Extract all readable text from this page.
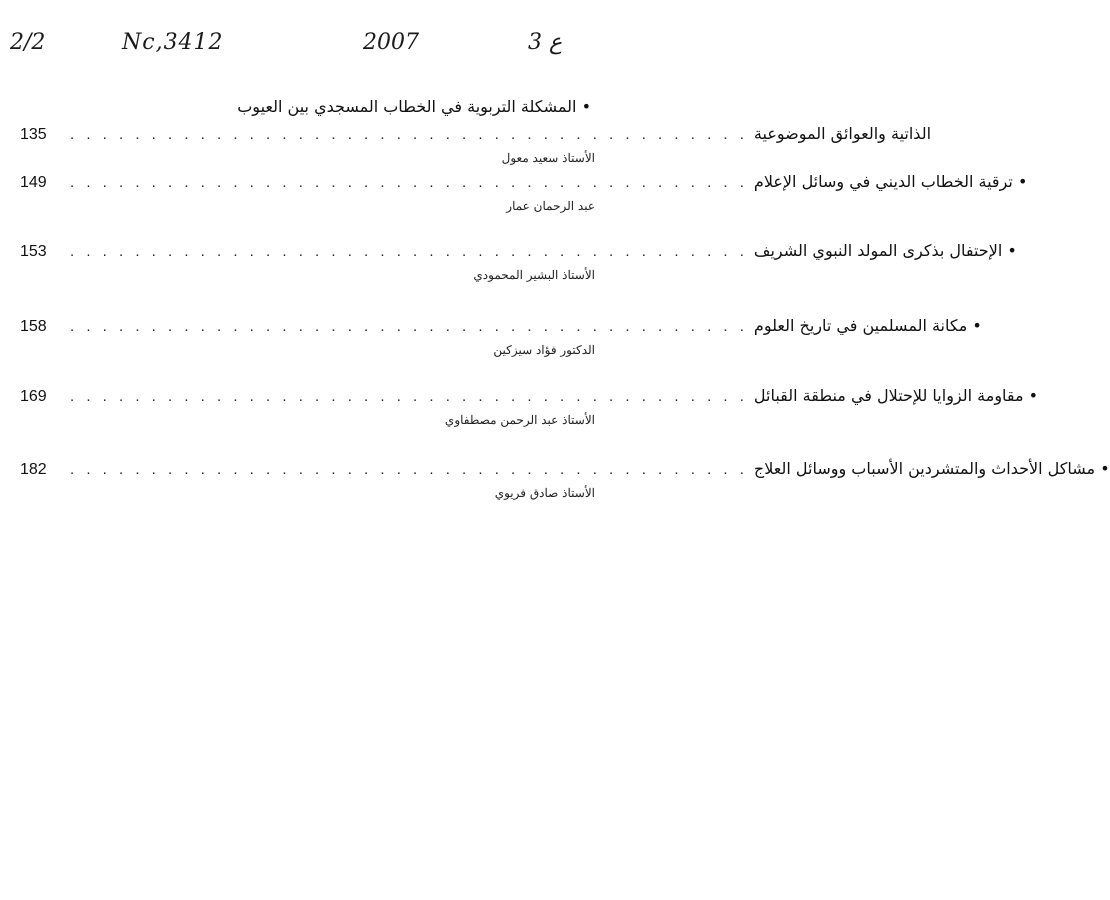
2/2	Nc,3412	2007	3 ع
• المشكلة التربوية في الخطاب المسجدي بين العيوب
135	. . . . . . . . . . . . . . . . . . . . . . . . . . . . . . . . . . . . . . . . . . الذاتية والعوائق الموضوعية
الأستاذ سعيد معول
149	. . . . . . . . . . . . . . . . . . . . . . . . . . . . . . . . . . . . . . . . . . • ترقية الخطاب الديني في وسائل الإعلام
عبد الرحمان عمار
153	. . . . . . . . . . . . . . . . . . . . . . . . . . . . . . . . . . . . . . . . . . • الإحتفال بذكرى المولد النبوي الشريف
الأستاذ البشير المحمودي
158	. . . . . . . . . . . . . . . . . . . . . . . . . . . . . . . . . . . . . . . . . . • مكانة المسلمين في تاريخ العلوم
الدكتور فؤاد سيزكين
169	. . . . . . . . . . . . . . . . . . . . . . . . . . . . . . . . . . . . . . . . . . • مقاومة الزوايا للإحتلال في منطقة القبائل
الأستاذ عبد الرحمن مصطفاوي
182	. . . . . . . . . . . . . . . . . . . . . . . . . . . . . . . . . . . . . . . . . . • مشاكل الأحداث والمتشردين الأسباب ووسائل العلاج
الأستاذ صادق فريوي
